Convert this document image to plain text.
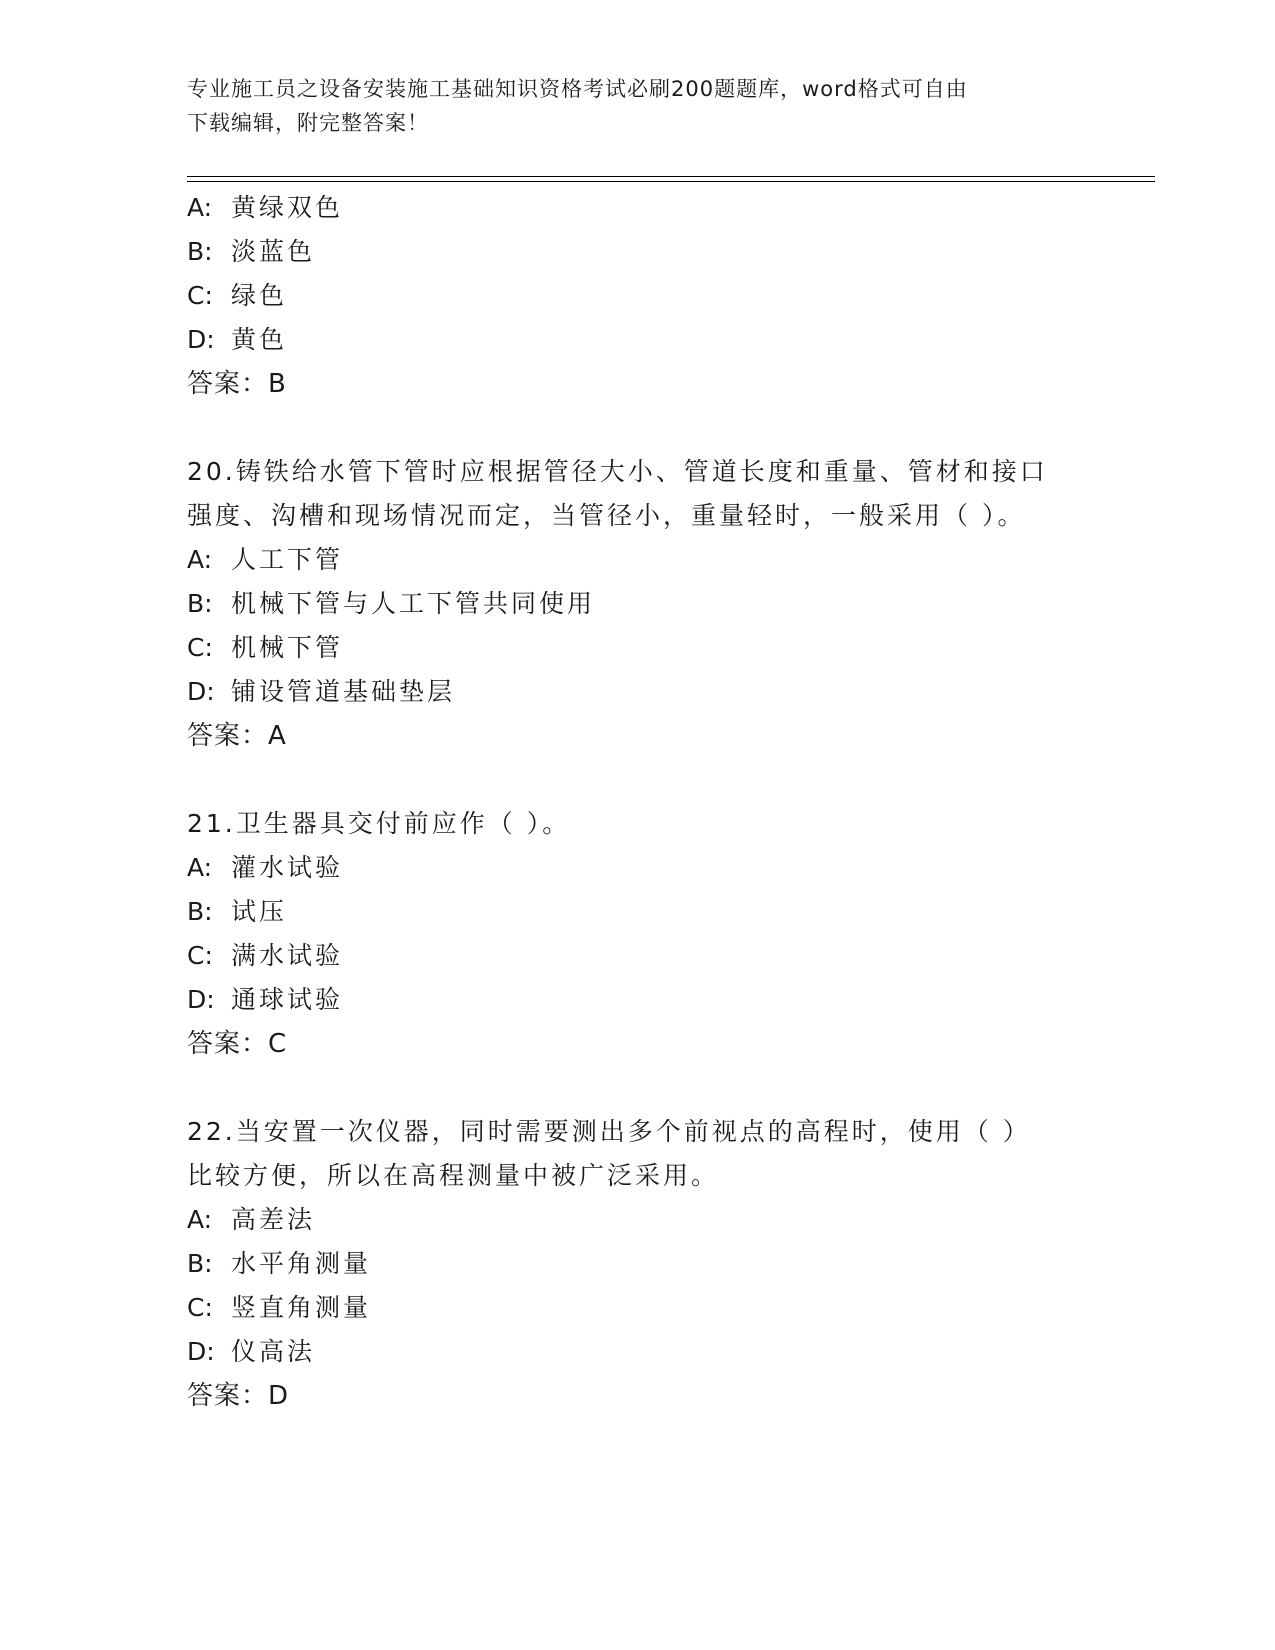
专业施工员之设备安装施工基础知识资格考试必刷200题题库，word格式可自由
下载编辑，附完整答案！
A: 黄绿双色
B: 淡蓝色
C: 绿色
D: 黄色
答案：B
20.铸铁给水管下管时应根据管径大小、管道长度和重量、管材和接口
强度、沟槽和现场情况而定，当管径小，重量轻时，一般采用（ ）。
A: 人工下管
B: 机械下管与人工下管共同使用
C: 机械下管
D: 铺设管道基础垫层
答案：A
21.卫生器具交付前应作（ ）。
A: 灌水试验
B: 试压
C: 满水试验
D: 通球试验
答案：C
22.当安置一次仪器，同时需要测出多个前视点的高程时，使用（ ）
比较方便，所以在高程测量中被广泛采用。
A: 高差法
B: 水平角测量
C: 竖直角测量
D: 仪高法
答案：D
